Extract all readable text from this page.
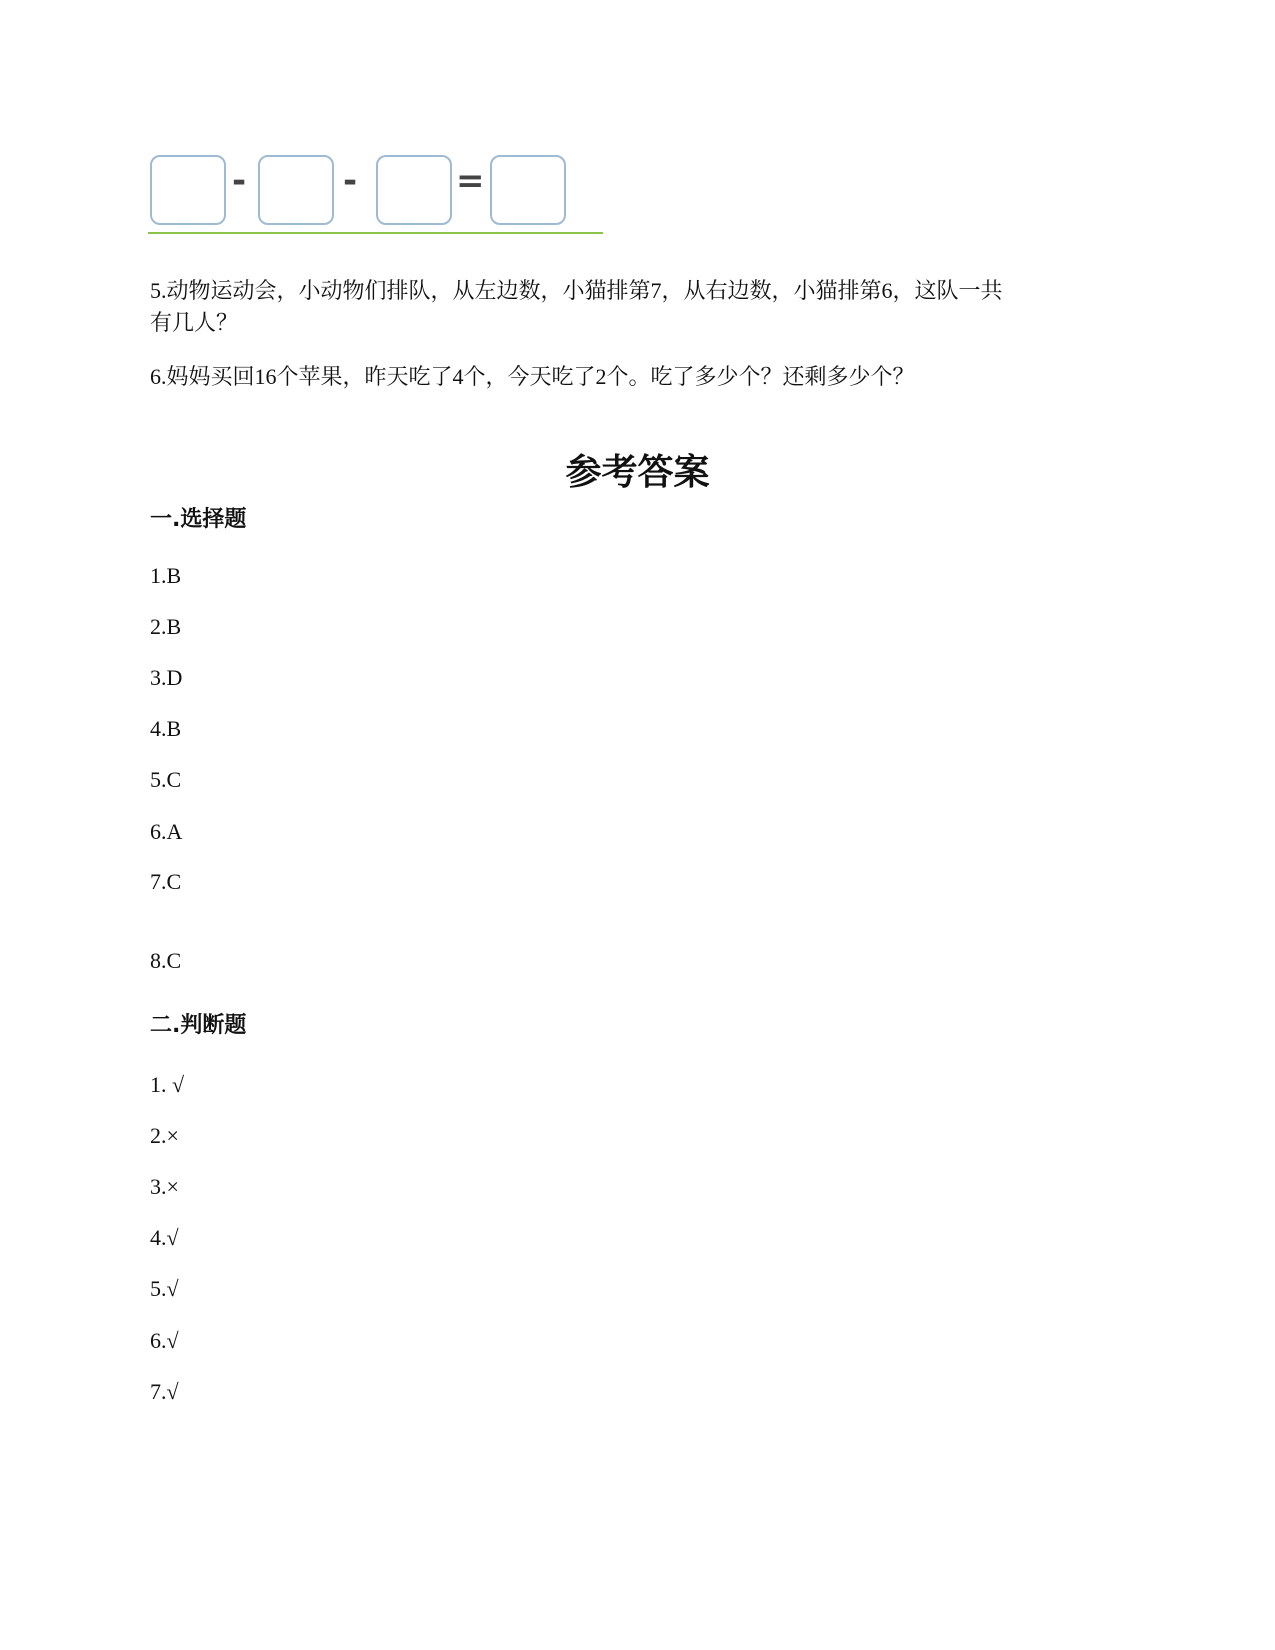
-	-	=
5.动物运动会，小动物们排队，从左边数，小猫排第7，从右边数，小猫排第6，这队一共
有几人？
6.妈妈买回16个苹果，昨天吃了4个，今天吃了2个。吃了多少个？还剩多少个？
参考答案
一.选择题
1.B
2.B
3.D
4.B
5.C
6.A
7.C
8.C
二.判断题
1. √
2.×
3.×
4.√
5.√
6.√
7.√
